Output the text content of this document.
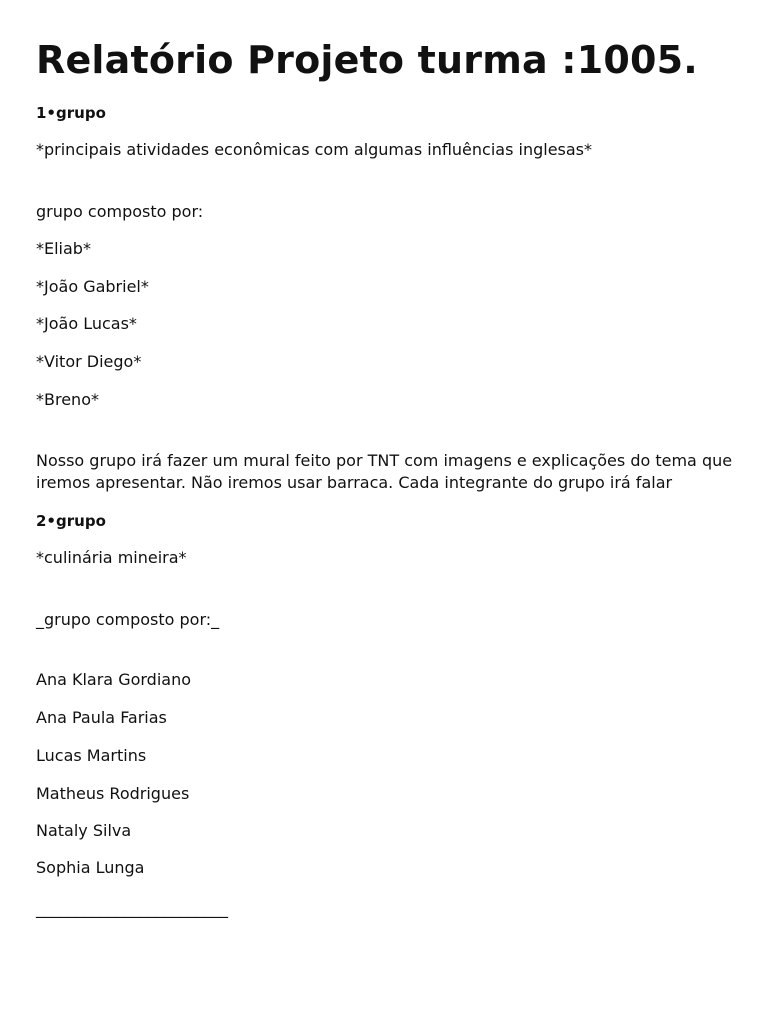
Relatório Projeto turma :1005.
1•grupo
*principais atividades econômicas com algumas influências inglesas*
grupo composto por:
*Eliab*
*João Gabriel*
*João Lucas*
*Vitor Diego*
*Breno*
Nosso grupo irá fazer um mural feito por TNT com imagens e explicações do tema que iremos apresentar. Não iremos usar barraca. Cada integrante do grupo irá falar
2•grupo
*culinária mineira*
_grupo composto por:_
Ana Klara Gordiano
Ana Paula Farias
Lucas Martins
Matheus Rodrigues
Nataly Silva
Sophia Lunga
________________________
